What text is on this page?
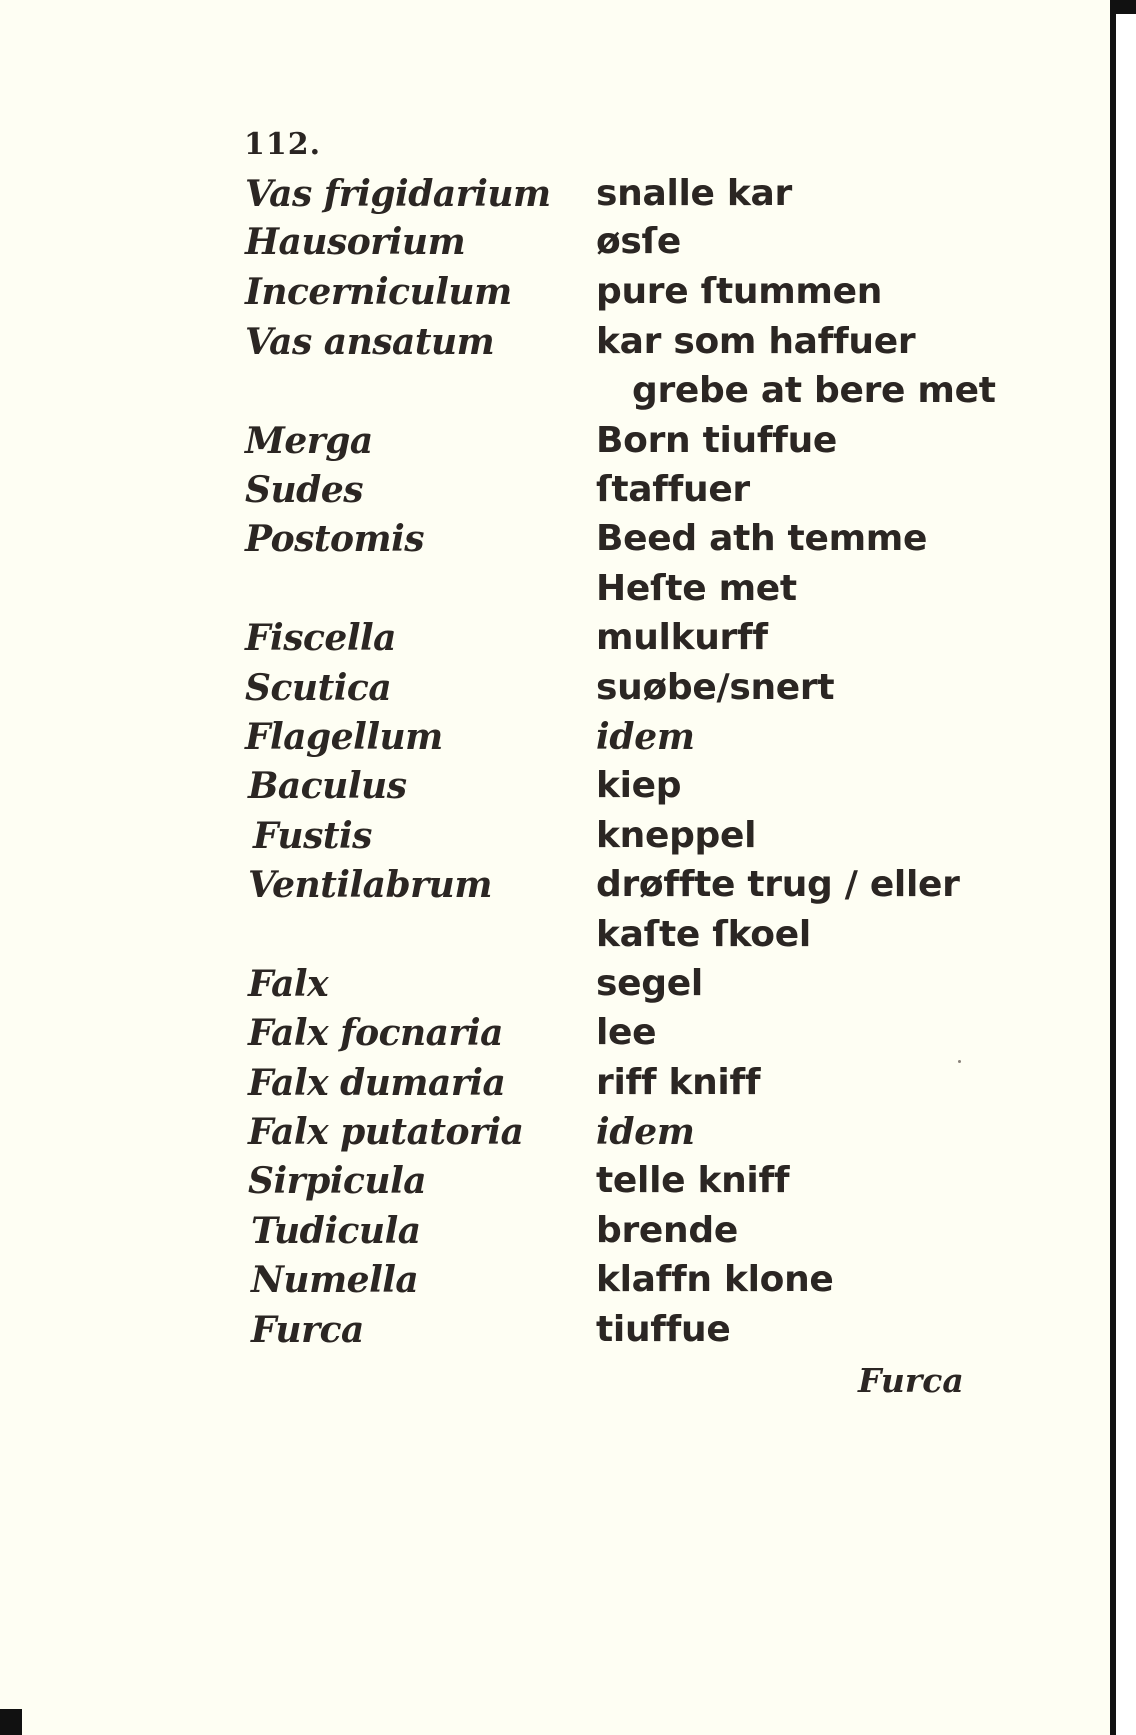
112.
Vas frigidarium
Hausorium
Incerniculum
Vas ansatum
Merga
Sudes
Postomis
Fiscella
Scutica
Flagellum
Baculus
Fustis
Ventilabrum
Falx
Falx focnaria
Falx dumaria
Falx putatoria
Sirpicula
Tudicula
Numella
Furca
snalle kar
øsſe
pure ſtummen
kar som haffuer
grebe at bere met
Born tiuffue
ſtaffuer
Beed ath temme
Heſte met
mulkurff
suøbe/snert
idem
kiep
kneppel
drøffte trug / eller
kaſte ſkoel
segel
lee
riff kniff
idem
telle kniff
brende
klaffn klone
tiuffue
Furca
